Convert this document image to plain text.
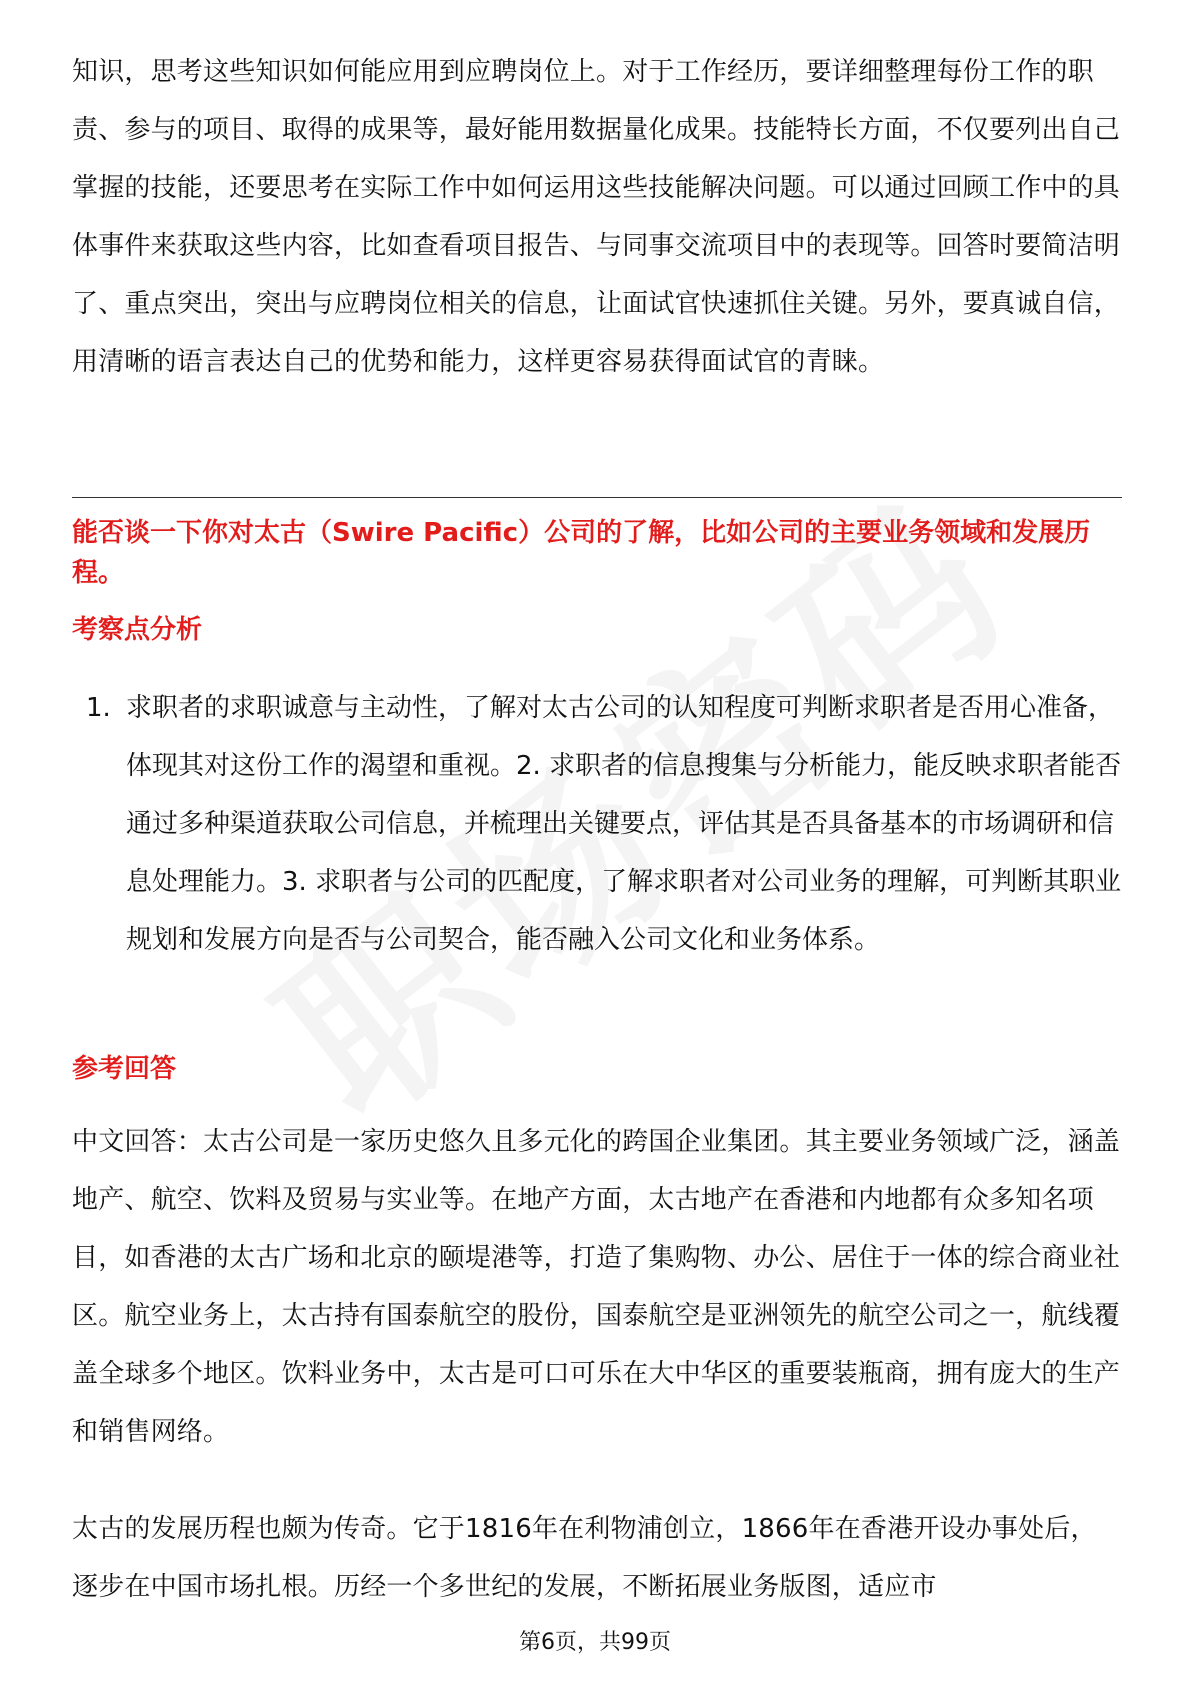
知识，思考这些知识如何能应用到应聘岗位上。对于工作经历，要详细整理每份工作的职责、参与的项目、取得的成果等，最好能用数据量化成果。技能特长方面，不仅要列出自己掌握的技能，还要思考在实际工作中如何运用这些技能解决问题。可以通过回顾工作中的具体事件来获取这些内容，比如查看项目报告、与同事交流项目中的表现等。回答时要简洁明了、重点突出，突出与应聘岗位相关的信息，让面试官快速抓住关键。另外，要真诚自信，用清晰的语言表达自己的优势和能力，这样更容易获得面试官的青睐。

能否谈一下你对太古（Swire Pacific）公司的了解，比如公司的主要业务领域和发展历程。

考察点分析
1. 求职者的求职诚意与主动性，了解对太古公司的认知程度可判断求职者是否用心准备，体现其对这份工作的渴望和重视。2. 求职者的信息搜集与分析能力，能反映求职者能否通过多种渠道获取公司信息，并梳理出关键要点，评估其是否具备基本的市场调研和信息处理能力。3. 求职者与公司的匹配度，了解求职者对公司业务的理解，可判断其职业规划和发展方向是否与公司契合，能否融入公司文化和业务体系。
参考回答

中文回答：太古公司是一家历史悠久且多元化的跨国企业集团。其主要业务领域广泛，涵盖地产、航空、饮料及贸易与实业等。在地产方面，太古地产在香港和内地都有众多知名项目，如香港的太古广场和北京的颐堤港等，打造了集购物、办公、居住于一体的综合商业社区。航空业务上，太古持有国泰航空的股份，国泰航空是亚洲领先的航空公司之一，航线覆盖全球多个地区。饮料业务中，太古是可口可乐在大中华区的重要装瓶商，拥有庞大的生产和销售网络。

太古的发展历程也颇为传奇。它于1816年在利物浦创立，1866年在香港开设办事处后，逐步在中国市场扎根。历经一个多世纪的发展，不断拓展业务版图，适应市

第6页，共99页
